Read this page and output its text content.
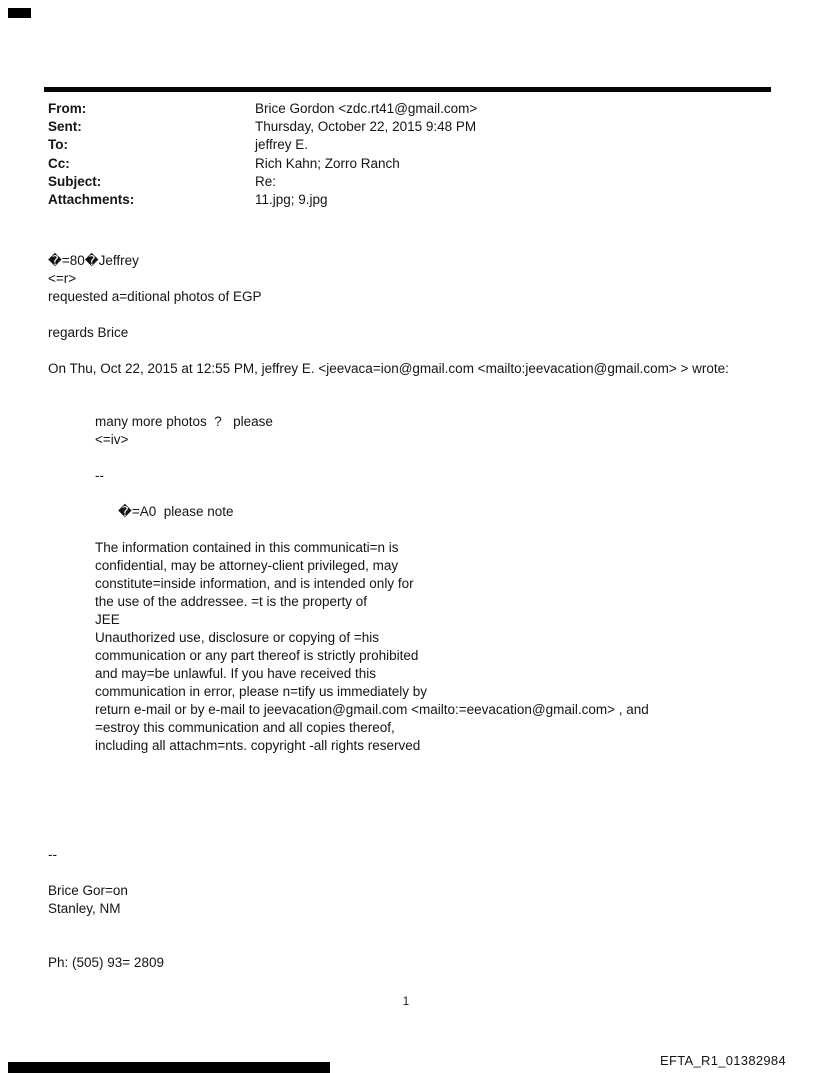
From:	Brice Gordon <zdc.rt41@gmail.com>
Sent:	Thursday, October 22, 2015 9:48 PM
To:	jeffrey E.
Cc:	Rich Kahn; Zorro Ranch
Subject:	Re:
Attachments:	11.jpg; 9.jpg
�=80�Jeffrey
<=r>
requested a=ditional photos of EGP
regards Brice
On Thu, Oct 22, 2015 at 12:55 PM, jeffrey E. <jeevaca=ion@gmail.com <mailto:jeevacation@gmail.com> > wrote:
many more photos  ?   please
<=iv>
--
�=A0  please note
The information contained in this communicati=n is
confidential, may be attorney-client privileged, may
constitute=inside information, and is intended only for
the use of the addressee. =t is the property of
JEE
Unauthorized use, disclosure or copying of =his
communication or any part thereof is strictly prohibited
and may=be unlawful. If you have received this
communication in error, please n=tify us immediately by
return e-mail or by e-mail to jeevacation@gmail.com <mailto:=eevacation@gmail.com> , and
=estroy this communication and all copies thereof,
including all attachm=nts. copyright -all rights reserved
--
Brice Gor=on
Stanley, NM
Ph: (505) 93= 2809
1
EFTA_R1_01382984
